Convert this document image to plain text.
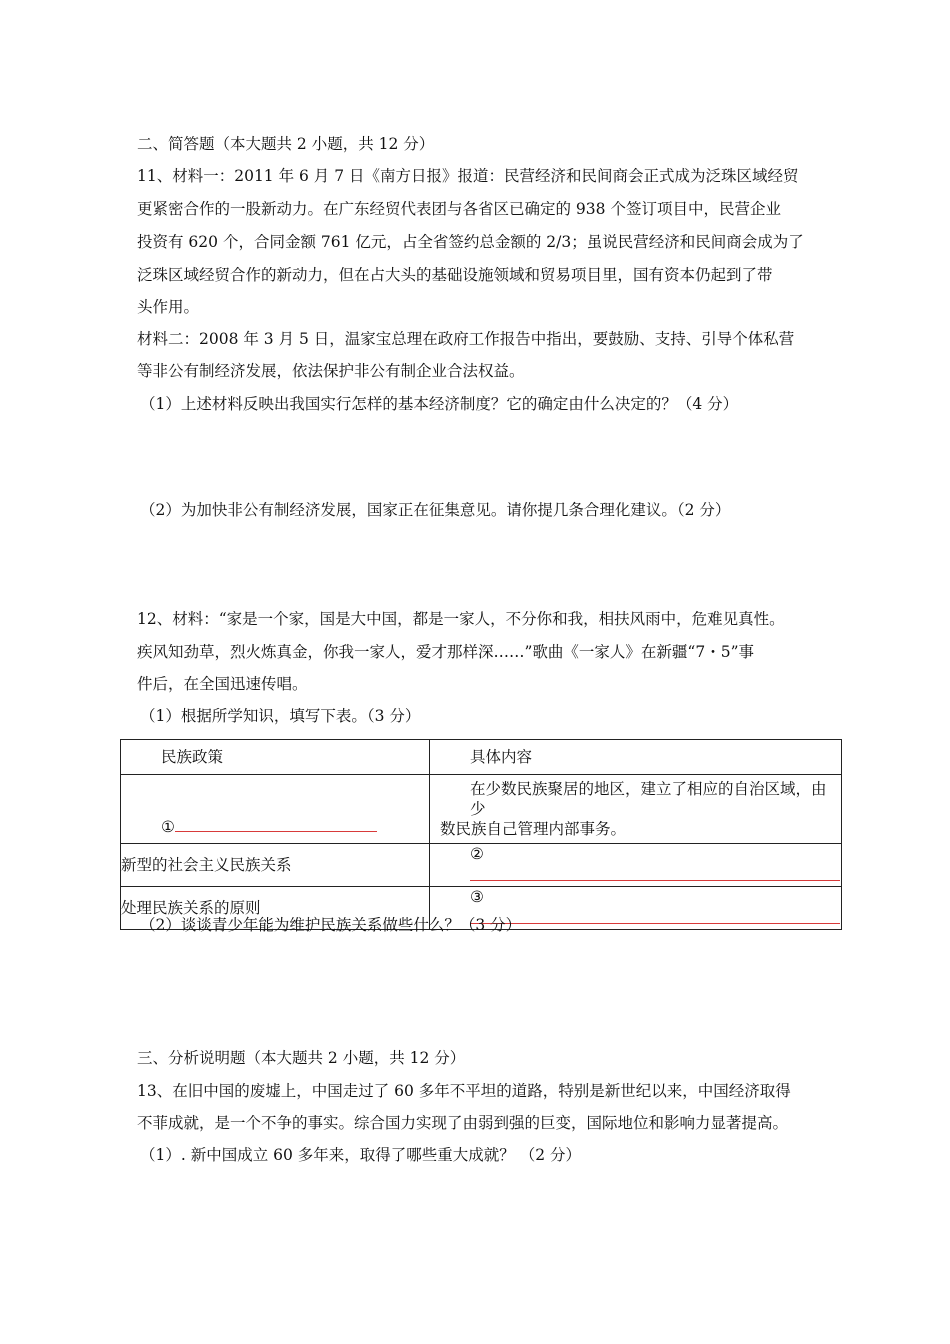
二、简答题（本大题共 2 小题，共 12 分）
11、材料一：2011 年 6 月 7 日《南方日报》报道：民营经济和民间商会正式成为泛珠区域经贸
更紧密合作的一股新动力。在广东经贸代表团与各省区已确定的 938 个签订项目中，民营企业
投资有 620 个，合同金额 761 亿元，占全省签约总金额的 2/3；虽说民营经济和民间商会成为了
泛珠区域经贸合作的新动力，但在占大头的基础设施领域和贸易项目里，国有资本仍起到了带
头作用。
材料二：2008 年 3 月 5 日，温家宝总理在政府工作报告中指出，要鼓励、支持、引导个体私营
等非公有制经济发展，依法保护非公有制企业合法权益。
（1）上述材料反映出我国实行怎样的基本经济制度？它的确定由什么决定的？（4 分）
（2）为加快非公有制经济发展，国家正在征集意见。请你提几条合理化建议。（2 分）
12、材料：“家是一个家，国是大中国，都是一家人，不分你和我，相扶风雨中，危难见真性。
疾风知劲草，烈火炼真金，你我一家人，爱才那样深……”歌曲《一家人》在新疆“7・5”事
件后，在全国迅速传唱。
（1）根据所学知识，填写下表。（3 分）
民族政策	具体内容
①	在少数民族聚居的地区，建立了相应的自治区域，由少
数民族自己管理内部事务。

新型的社会主义民族关系	②
处理民族关系的原则	③
（2）谈谈青少年能为维护民族关系做些什么？（3 分）
三、分析说明题（本大题共 2 小题，共 12 分）
13、在旧中国的废墟上，中国走过了 60 多年不平坦的道路，特别是新世纪以来，中国经济取得
不菲成就，是一个不争的事实。综合国力实现了由弱到强的巨变，国际地位和影响力显著提高。
（1）. 新中国成立 60 多年来，取得了哪些重大成就？ （2 分）
